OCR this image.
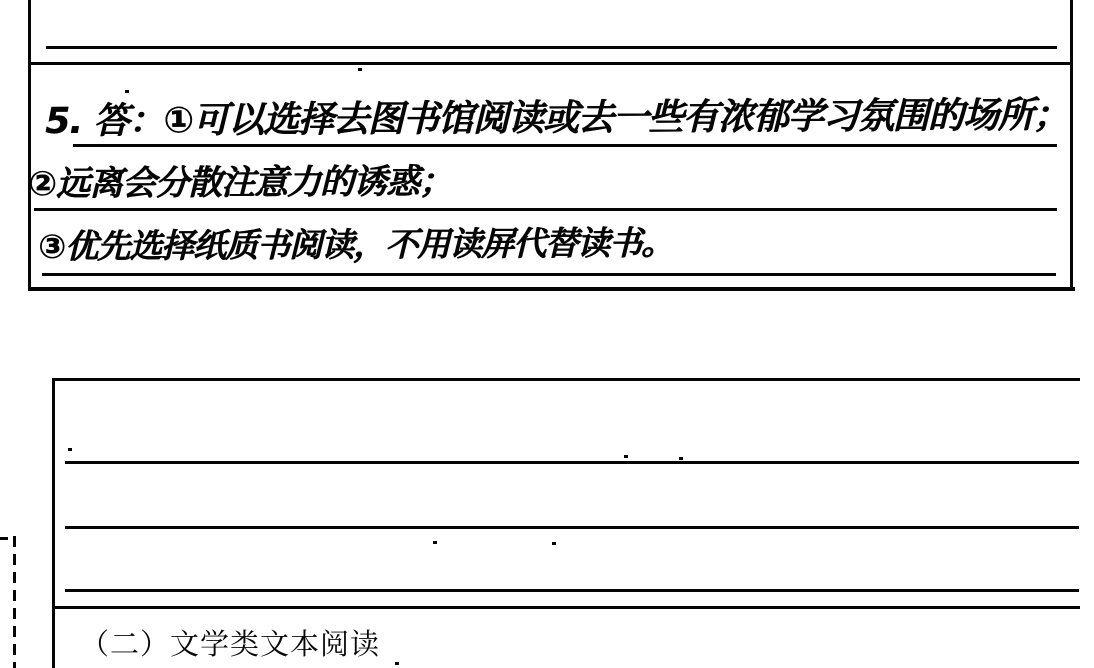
5. 答：①可以选择去图书馆阅读或去一些有浓郁学习氛围的场所；
②远离会分散注意力的诱惑；
③优先选择纸质书阅读，不用读屏代替读书。
（二）文学类文本阅读
